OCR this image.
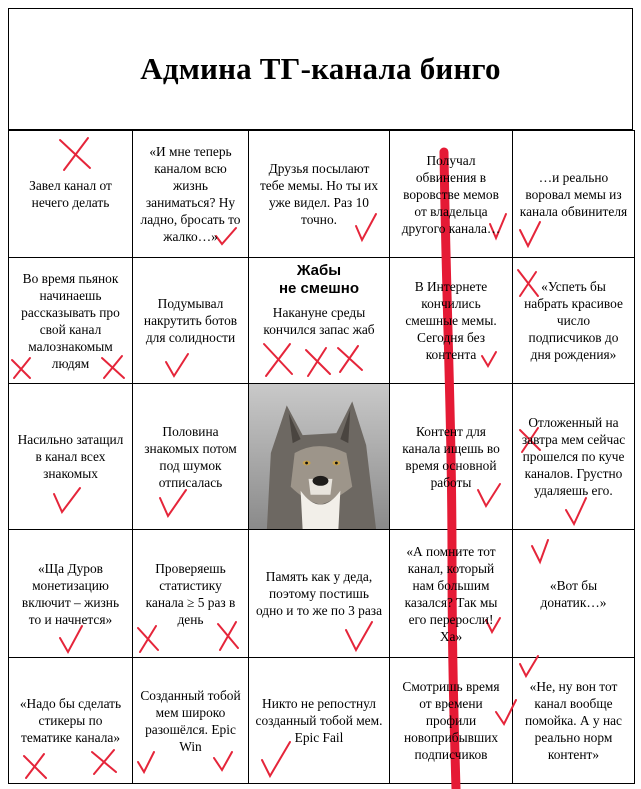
Админа ТГ-канала бинго
Завел канал от нечего делать
«И мне теперь каналом всю жизнь заниматься? Ну ладно, бросать то жалко…»
Друзья посылают тебе мемы. Но ты их уже видел. Раз 10 точно.
Получал обвинения в воровстве мемов от владельца другого канала…
…и реально воровал мемы из канала обвинителя
Во время пьянок начинаешь рассказывать про свой канал малознакомым людям
Подумывал накрутить ботов для солидности
Жабы
не смешно
Накануне среды кончился запас жаб
В Интернете кончились смешные мемы. Сегодня без контента
«Успеть бы набрать красивое число подписчиков до дня рождения»
Насильно затащил в канал всех знакомых
Половина знакомых потом под шумок отписалась
Контент для канала ищешь во время основной работы
Отложенный на завтра мем сейчас прошелся по куче каналов. Грустно удаляешь его.
«Ща Дуров монетизацию включит – жизнь то и начнется»
Проверяешь статистику канала ≥ 5 раз в день
Память как у деда, поэтому постишь одно и то же по 3 раза
«А помните тот канал, который нам большим казался? Так мы его переросли! Ха»
«Вот бы донатик…»
«Надо бы сделать стикеры по тематике канала»
Созданный тобой мем широко разошёлся. Epic Win
Никто не репостнул созданный тобой мем. Epic Fail
Смотришь время от времени профили новоприбывших подписчиков
«Не, ну вон тот канал вообще помойка. А у нас реально норм контент»
